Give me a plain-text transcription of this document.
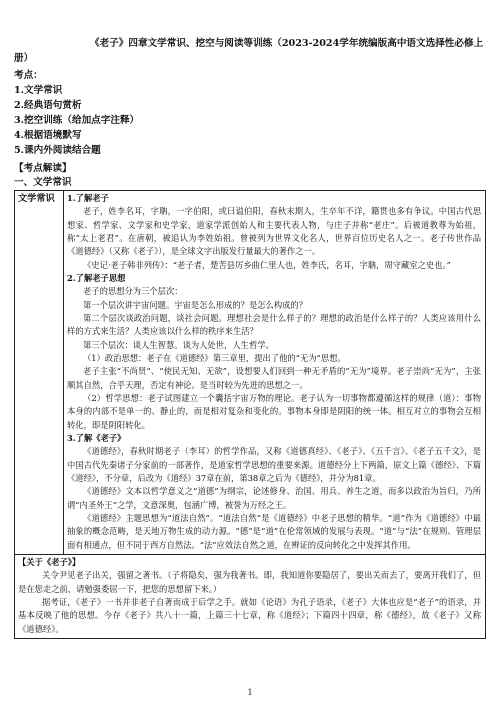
《老子》四章文学常识、挖空与阅读等训练（2023-2024学年统编版高中语文选择性必修上册）
考点：
1.文学常识
2.经典语句赏析
3.挖空训练（给加点字注释）
4.根据语境默写
5.课内外阅读结合题
【考点解读】
一、文学常识
文学常识	1.了解老子

老子，姓李名耳，字聃，一字伯阳，或曰谥伯阳，春秋末期人，生卒年不详，籍贯也多有争议。中国古代思想家、哲学家、文学家和史学家，道家学派创始人和主要代表人物，与庄子并称“老庄”。后被道教尊为始祖，称“太上老君”。在唐朝，被追认为李姓始祖。曾被列为世界文化名人，世界百位历史名人之一。老子传世作品《道德经》（又称《老子》），是全球文字出版发行量最大的著作之一。

《史记·老子韩非列传》：“老子者，楚苦县厉乡曲仁里人也，姓李氏，名耳，字聃，周守藏室之史也。”

2.了解老子思想

老子的思想分为三个层次：

第一个层次讲宇宙问题。宇宙是怎么形成的？是怎么构成的？

第二个层次谈政治问题，谈社会问题。理想社会是什么样子的？理想的政治是什么样子的？人类应该用什么样的方式来生活？人类应该以什么样的秩序来生活？

第三个层次：谈人生智慧。谈为人处世，人生哲学。

（1）政治思想：老子在《道德经》第三章里，提出了他的“无为”思想。

老子主张“不尚贤”、“使民无知、无欲”，设想要人们回到一种无矛盾的“无为”境界。老子崇尚“无为”，主张顺其自然，合乎天理，否定有神论。是当时较为先进的思想之一。

（2）哲学思想：老子试图建立一个囊括宇宙万物的理论。老子认为一切事物都遵循这样的规律（道）：事物本身的内部不是单一的、静止的，而是相对复杂和变化的。事物本身即是阴阳的统一体。相互对立的事物会互相转化，即是阴阳转化。

3.了解《老子》

《道德经》，春秋时期老子（李耳）的哲学作品，又称《道德真经》、《老子》、《五千言》、《老子五千文》，是中国古代先秦诸子分家前的一部著作，是道家哲学思想的重要来源。道德经分上下两篇，原文上篇《德经》、下篇《道经》，不分章，后改为《道经》37章在前，第38章之后为《德经》，并分为81章。

《道德经》文本以哲学意义之“道德”为纲宗，论述修身、治国、用兵、养生之道，而多以政治为旨归，乃所谓“内圣外王”之学，文意深奥，包涵广博，被誉为万经之王。

《道德经》主题思想为“道法自然”。“道法自然”是《道德经》中老子思想的精华。“道”作为《道德经》中最抽象的概念范畴，是天地万物生成的动力源。“德”是“道”在伦常领域的发展与表现。“道”与“法”在规则、管理层面有相通点，但不同于西方自然法。“法”应效法自然之道，在辨证的反向转化之中发挥其作用。

【关于《老子》】

关令尹见老子出关，强留之著书。（子将隐矣，强为我著书。即，我知道你要隐居了，要出关而去了，要离开我们了，但是在您走之前，请勉强委屈一下，把您的思想留下来。）

据考证，《老子》一书并非老子自著而成于后学之手。就如《论语》为孔子语录，《老子》大体也应是“老子”的语录，并基本反映了他的思想。今存《老子》共八十一篇，上篇三十七章，称《道经》；下篇四十四章，称《德经》，故《老子》又称《道德经》。

1
